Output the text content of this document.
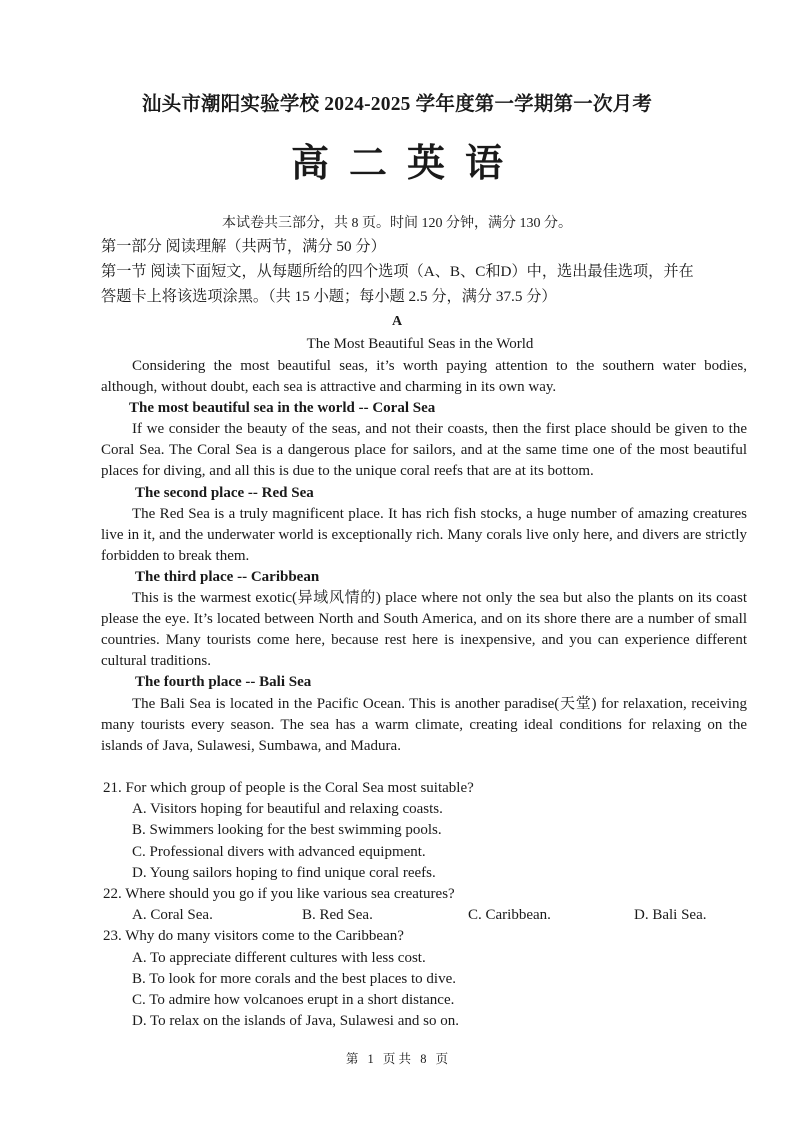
汕头市潮阳实验学校 2024-2025 学年度第一学期第一次月考
高二英语
本试卷共三部分，共 8 页。时间 120 分钟，满分 130 分。
第一部分 阅读理解（共两节，满分 50 分）
第一节 阅读下面短文，从每题所给的四个选项（A、B、C和D）中，选出最佳选项，并在
答题卡上将该选项涂黑。（共 15 小题；每小题 2.5 分，满分 37.5 分）
A
The Most Beautiful Seas in the World

Considering the most beautiful seas, it’s worth paying attention to the southern water bodies, although, without doubt, each sea is attractive and charming in its own way.

The most beautiful sea in the world -- Coral Sea

If we consider the beauty of the seas, and not their coasts, then the first place should be given to the Coral Sea. The Coral Sea is a dangerous place for sailors, and at the same time one of the most beautiful places for diving, and all this is due to the unique coral reefs that are at its bottom.

The second place -- Red Sea

The Red Sea is a truly magnificent place. It has rich fish stocks, a huge number of amazing creatures live in it, and the underwater world is exceptionally rich. Many corals live only here, and divers are strictly forbidden to break them.

The third place -- Caribbean

This is the warmest exotic(异域风情的) place where not only the sea but also the plants on its coast please the eye. It’s located between North and South America, and on its shore there are a number of small countries. Many tourists come here, because rest here is inexpensive, and you can experience different cultural traditions.

The fourth place -- Bali Sea

The Bali Sea is located in the Pacific Ocean. This is another paradise(天堂) for relaxation, receiving many tourists every season. The sea has a warm climate, creating ideal conditions for relaxing on the islands of Java, Sulawesi, Sumbawa, and Madura.

21. For which group of people is the Coral Sea most suitable?

A. Visitors hoping for beautiful and relaxing coasts.

B. Swimmers looking for the best swimming pools.

C. Professional divers with advanced equipment.

D. Young sailors hoping to find unique coral reefs.

22. Where should you go if you like various sea creatures?

A. Coral Sea.	B. Red Sea.	C. Caribbean.	D. Bali Sea.

23. Why do many visitors come to the Caribbean?

A. To appreciate different cultures with less cost.

B. To look for more corals and the best places to dive.

C. To admire how volcanoes erupt in a short distance.

D. To relax on the islands of Java, Sulawesi and so on.

第 1 页 共 8 页
